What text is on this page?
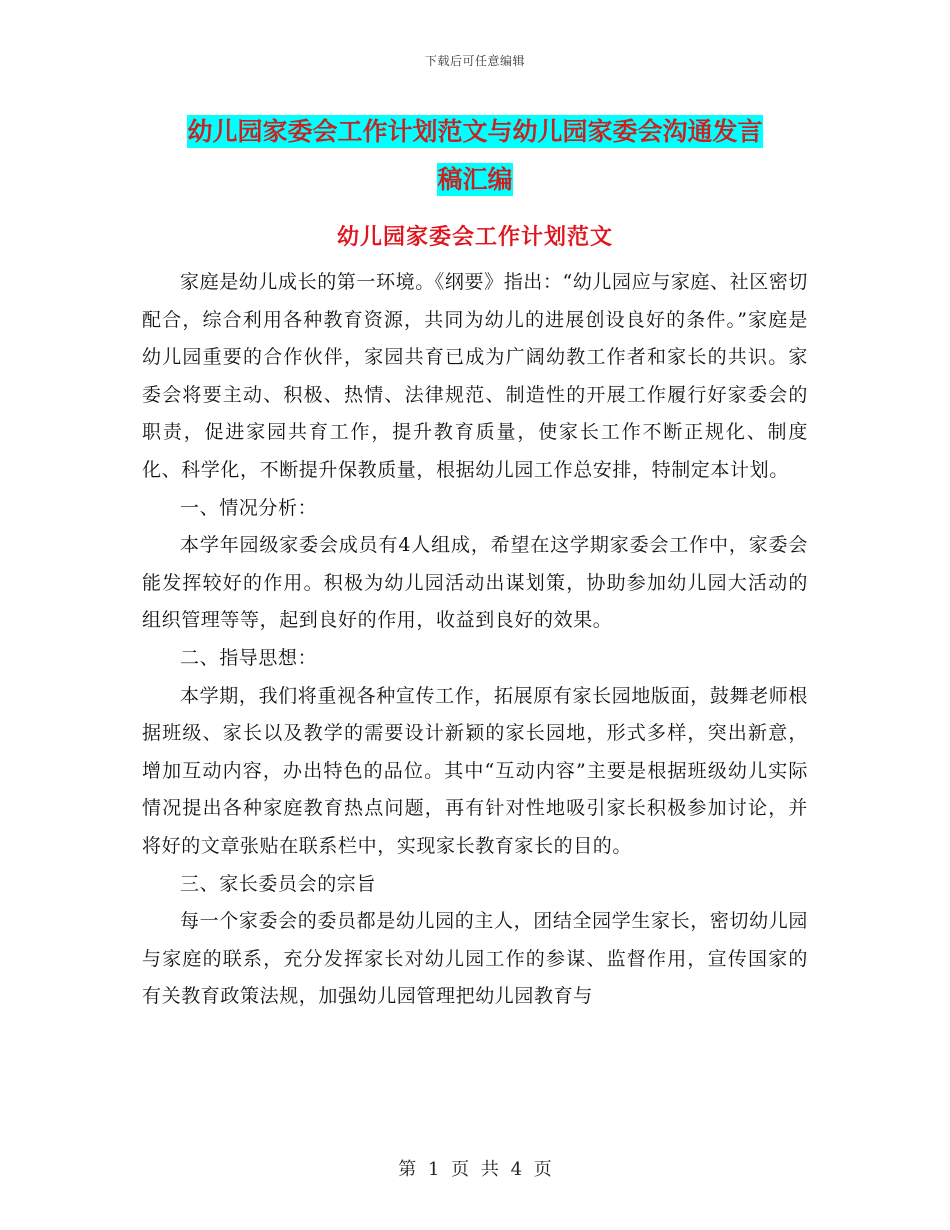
下载后可任意编辑
幼儿园家委会工作计划范文与幼儿园家委会沟通发言
稿汇编
幼儿园家委会工作计划范文

家庭是幼儿成长的第一环境。《纲要》指出：“幼儿园应与家庭、社区密切配合，综合利用各种教育资源，共同为幼儿的进展创设良好的条件。”家庭是幼儿园重要的合作伙伴，家园共育已成为广阔幼教工作者和家长的共识。家委会将要主动、积极、热情、法律规范、制造性的开展工作履行好家委会的职责，促进家园共育工作，提升教育质量，使家长工作不断正规化、制度化、科学化，不断提升保教质量，根据幼儿园工作总安排，特制定本计划。

一、情况分析：

本学年园级家委会成员有4人组成，希望在这学期家委会工作中，家委会能发挥较好的作用。积极为幼儿园活动出谋划策，协助参加幼儿园大活动的组织管理等等，起到良好的作用，收益到良好的效果。

二、指导思想：

本学期，我们将重视各种宣传工作，拓展原有家长园地版面，鼓舞老师根据班级、家长以及教学的需要设计新颖的家长园地，形式多样，突出新意，增加互动内容，办出特色的品位。其中“互动内容”主要是根据班级幼儿实际情况提出各种家庭教育热点问题，再有针对性地吸引家长积极参加讨论，并将好的文章张贴在联系栏中，实现家长教育家长的目的。

三、家长委员会的宗旨

每一个家委会的委员都是幼儿园的主人，团结全园学生家长，密切幼儿园与家庭的联系，充分发挥家长对幼儿园工作的参谋、监督作用，宣传国家的有关教育政策法规，加强幼儿园管理把幼儿园教育与

第 1 页 共 4 页
